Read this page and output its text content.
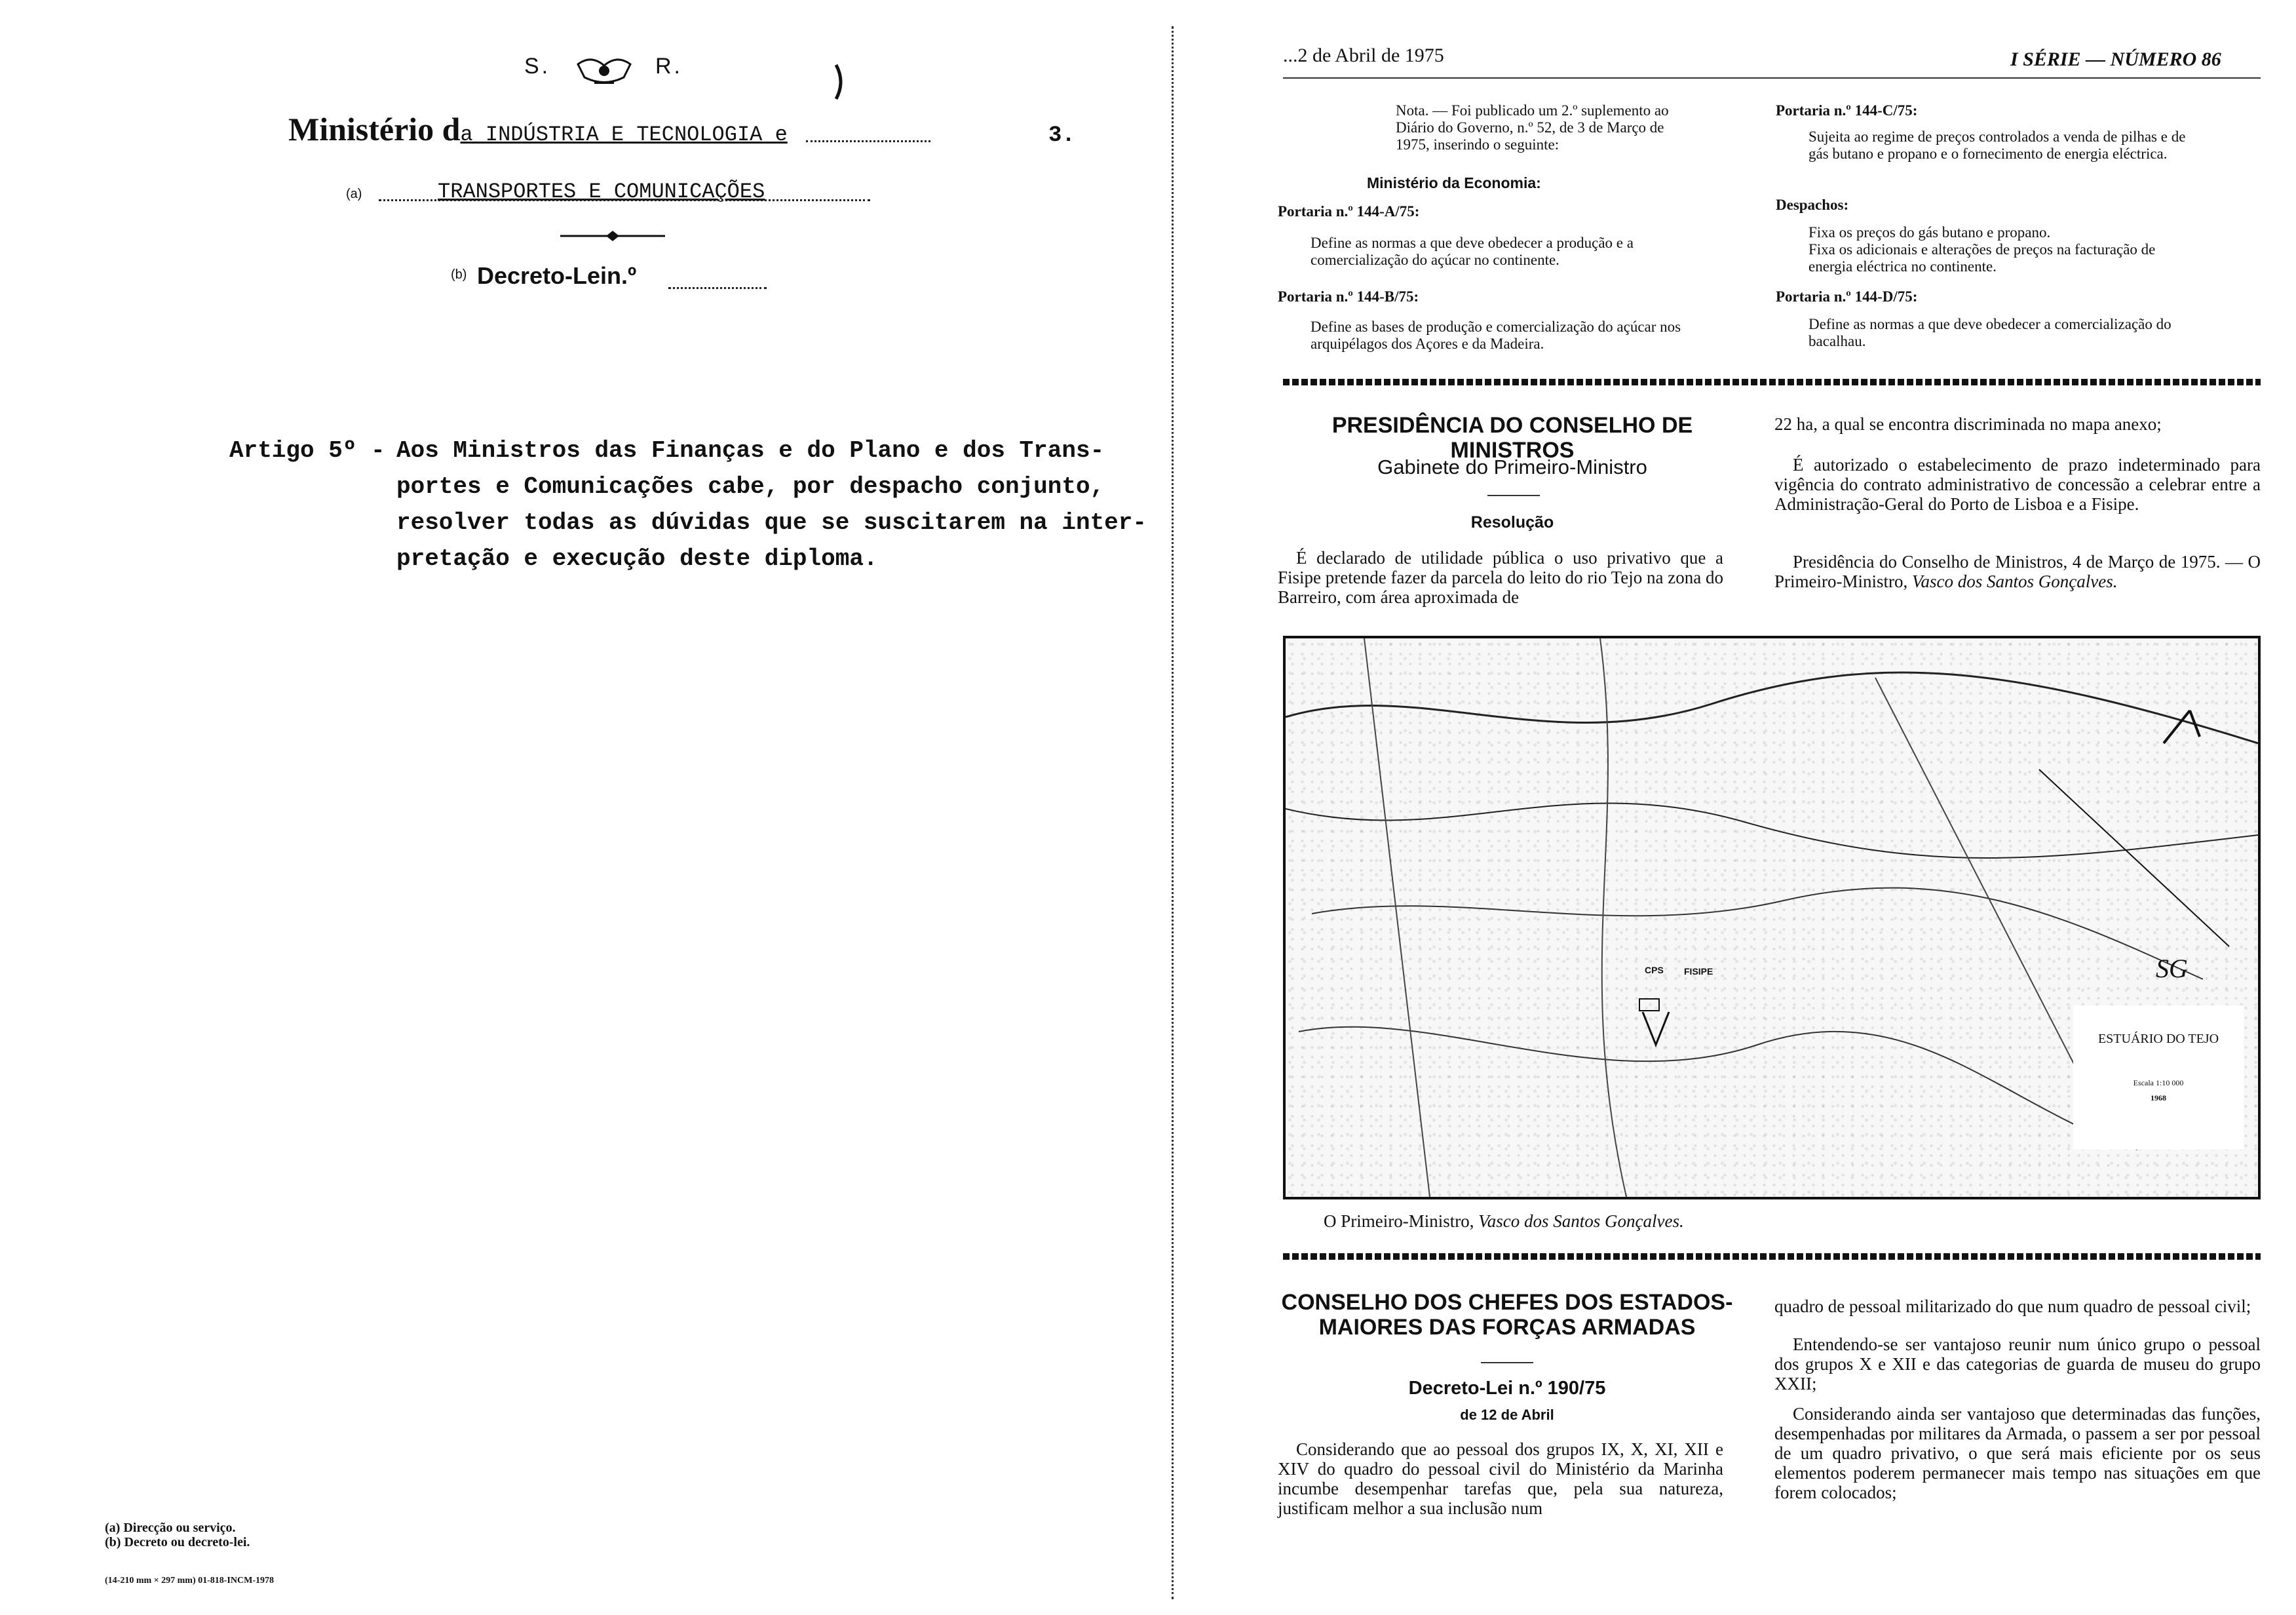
S.	R.
Ministério da INDÚSTRIA E TECNOLOGIA e	3.
(a)	TRANSPORTES E COMUNICAÇÕES
(b) Decreto-Lein.º
Artigo 5º - Aos Ministros das Finanças e do Plano e dos Trans-
portes e Comunicações cabe, por despacho conjunto,
resolver todas as dúvidas que se suscitarem na inter-
pretação e execução deste diploma.
(a) Direcção ou serviço.
(b) Decreto ou decreto-lei.
(14-210 mm × 297 mm) 01-818-INCM-1978
...2 de Abril de 1975	I SÉRIE — NÚMERO 86
Nota. — Foi publicado um 2.º suplemento ao Diário do Governo, n.º 52, de 3 de Março de 1975, inserindo o seguinte:
Ministério da Economia:
Portaria n.º 144-A/75:
Define as normas a que deve obedecer a produção e a comercialização do açúcar no continente.
Portaria n.º 144-B/75:
Define as bases de produção e comercialização do açúcar nos arquipélagos dos Açores e da Madeira.
Portaria n.º 144-C/75:
Sujeita ao regime de preços controlados a venda de pilhas e de gás butano e propano e o fornecimento de energia eléctrica.
Despachos:
Fixa os preços do gás butano e propano.
Fixa os adicionais e alterações de preços na facturação de energia eléctrica no continente.
Portaria n.º 144-D/75:
Define as normas a que deve obedecer a comercialização do bacalhau.
PRESIDÊNCIA DO CONSELHO DE MINISTROS
Gabinete do Primeiro-Ministro
Resolução
É declarado de utilidade pública o uso privativo que a Fisipe pretende fazer da parcela do leito do rio Tejo na zona do Barreiro, com área aproximada de
22 ha, a qual se encontra discriminada no mapa anexo;
É autorizado o estabelecimento de prazo indeterminado para vigência do contrato administrativo de concessão a celebrar entre a Administração-Geral do Porto de Lisboa e a Fisipe.
Presidência do Conselho de Ministros, 4 de Março de 1975. — O Primeiro-Ministro, Vasco dos Santos Gonçalves.
CPS FISIPE	SG
ESTUÁRIO DO TEJO
Escala 1:10 000
1968
O Primeiro-Ministro, Vasco dos Santos Gonçalves.
CONSELHO DOS CHEFES DOS ESTADOS-MAIORES DAS FORÇAS ARMADAS
Decreto-Lei n.º 190/75
de 12 de Abril
Considerando que ao pessoal dos grupos IX, X, XI, XII e XIV do quadro do pessoal civil do Ministério da Marinha incumbe desempenhar tarefas que, pela sua natureza, justificam melhor a sua inclusão num
quadro de pessoal militarizado do que num quadro de pessoal civil;
Entendendo-se ser vantajoso reunir num único grupo o pessoal dos grupos X e XII e das categorias de guarda de museu do grupo XXII;
Considerando ainda ser vantajoso que determinadas das funções, desempenhadas por militares da Armada, o passem a ser por pessoal de um quadro privativo, o que será mais eficiente por os seus elementos poderem permanecer mais tempo nas situações em que forem colocados;
